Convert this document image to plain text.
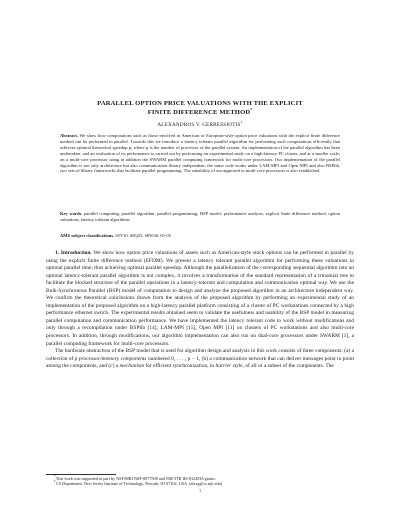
PARALLEL OPTION PRICE VALUATIONS WITH THE EXPLICIT
FINITE DIFFERENCE METHOD*
ALEXANDROS V. GERBESSIOTIS†
Abstract. We show how computations such as those involved in American or European-style option price valuations with the explicit finite difference method can be performed in parallel. Towards this we introduce a latency tolerant parallel algorithm for performing such computations efficiently that achieves optimal theoretical speedup p, where p is the number of processor of the parallel system. An implementation of the parallel algorithm has been undertaken, and an evaluation of its performance is carried out by performing an experimental study on a high-latency PC cluster, and at a smaller scale, on a multi-core processor using in addition the SWARM parallel computing framework for multi-core processors. Our implementation of the parallel algorithm is not only architecture but also communication library independent: the same code works under LAM-MPI and Open MPI and also BSPlib, two sets of library frameworks that facilitate parallel programming. The suitability of our approach to multi-core processors is also established.
Key words. parallel computing, parallel algorithm, parallel programming, BSP model, performance analysis, explicit finite difference method, option valuations, latency tolerant algorithms
AMS subject classifications. 65Y10, 68Q25, 68W40, 65-05

1. Introduction. We show how option price valuations of assets such as American-style stock options can be performed in parallel by using the explicit finite difference method (EFDM). We present a latency tolerant parallel algorithm for performing these valuations in optimal parallel time, thus achieving optimal parallel speedup. Although the parallelization of the corresponding sequential algorithm into an optimal latency-tolerant parallel algorithm is not complex, it involves a transformation of the standard representation of a trinomial tree to facilitate the blocked structure of the parallel operations in a latency-tolerant and computation and communication optimal way. We use the Bulk-Synchronous Parallel (BSP) model of computation to design and analyze the proposed algorithm in an architecture independent way. We confirm the theoretical conclusions drawn from the analysis of the proposed algorithm by performing an experimental study of an implementation of the proposed algorithm on a high-latency parallel platform consisting of a cluster of PC workstations connected by a high performance ethernet switch. The experimental results obtained seem to validate the usefulness and usability of the BSP model in measuring parallel computation and communication performance. We have implemented the latency tolerant code to work without modifications and only through a recompilation under BSPlib [14], LAM-MPI [15], Open MPI [11] on clusters of PC workstations and also multi-core processors. In addition, through modifications, our algorithm implementation can also run on dual-core processors under SWARM [1], a parallel computing framework for multi-core processors.

The hardware abstraction of the BSP model that is used for algorithm design and analysis in this work consists of three components: (a) a collection of p processor/memory components numbered 0, . . . , p − 1, (b) a communication network that can deliver messages point to point among the components, and (c) a mechanism for efficient synchronization, in barrier style, of all or a subset of the components. The

*This work was supported in part by NSF/MRI NSF-0077508 and NSF/ITR IIS-0324816 grants.

†CS Department, New Jersey Institute of Technology, Newark, NJ 07102, USA. (alexg@cs.njit.edu)

1
